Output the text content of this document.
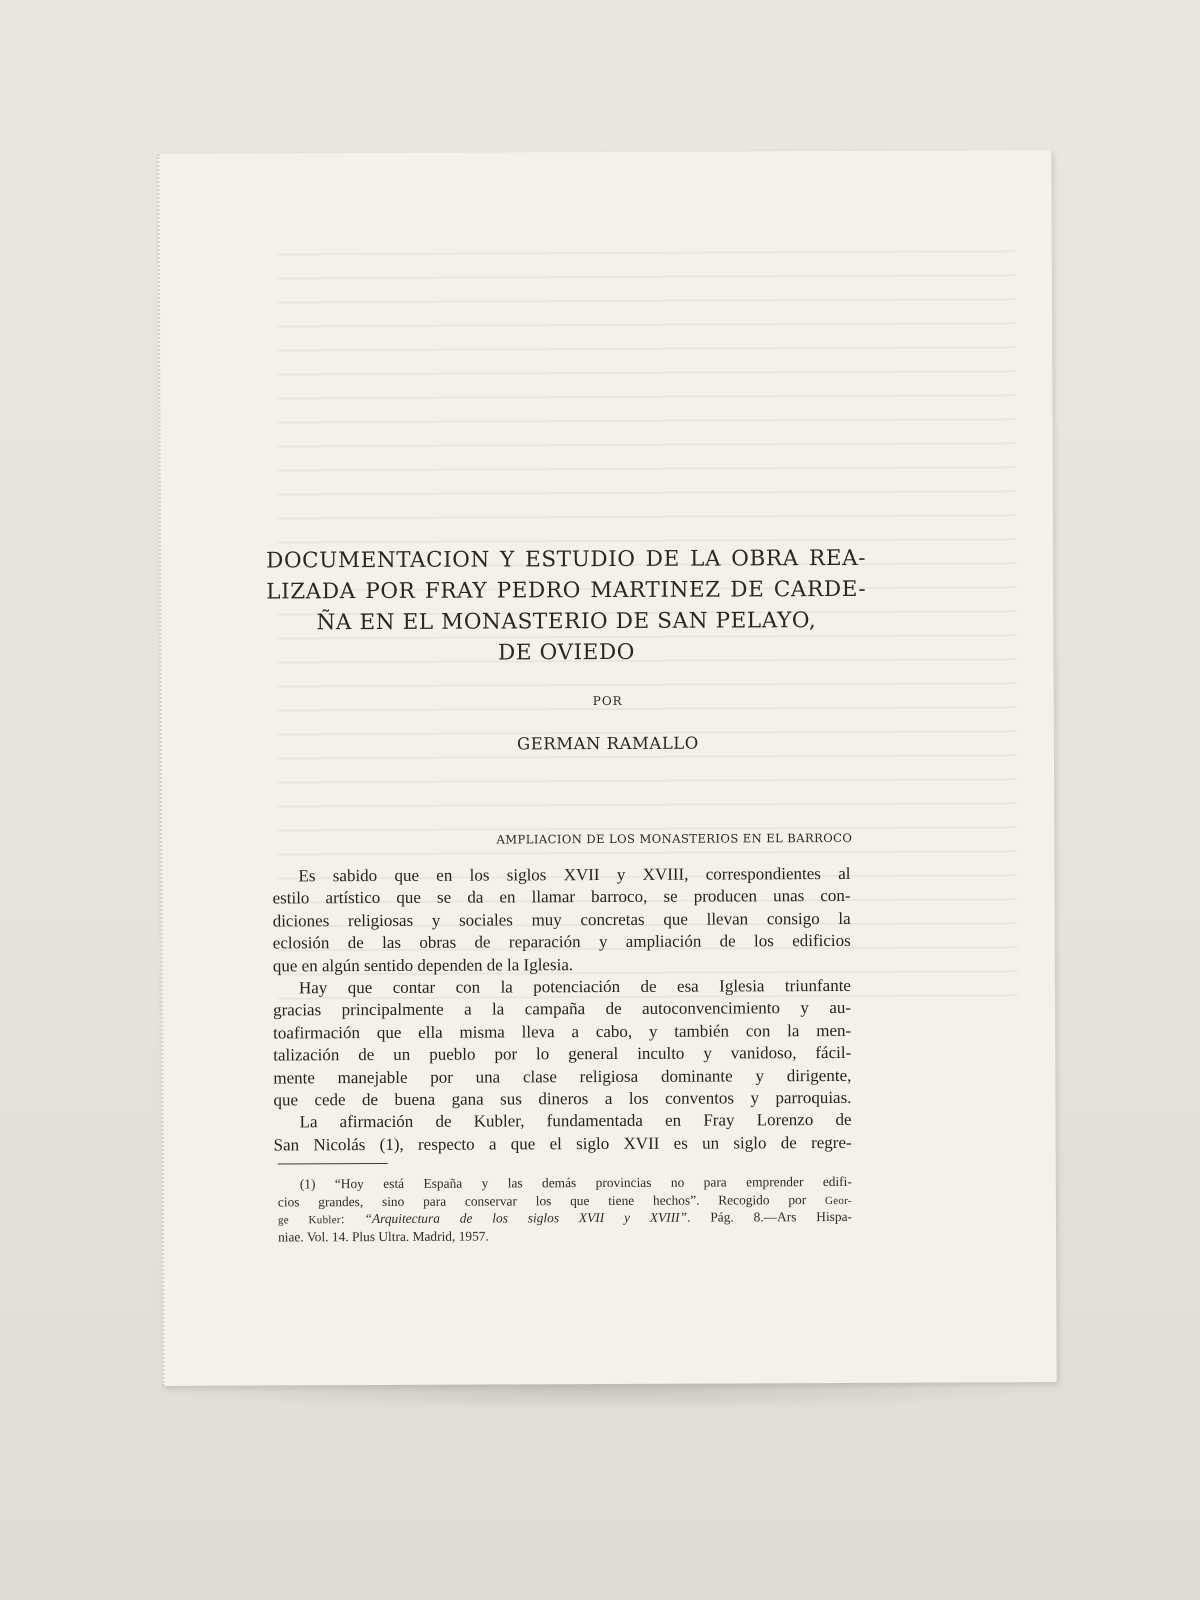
DOCUMENTACION Y ESTUDIO DE LA OBRA REA-
LIZADA POR FRAY PEDRO MARTINEZ DE CARDE-
ÑA EN EL MONASTERIO DE SAN PELAYO,
DE OVIEDO
POR
GERMAN RAMALLO
AMPLIACION DE LOS MONASTERIOS EN EL BARROCO
Es sabido que en los siglos XVII y XVIII, correspondientes al
estilo artístico que se da en llamar barroco, se producen unas con-
diciones religiosas y sociales muy concretas que llevan consigo la
eclosión de las obras de reparación y ampliación de los edificios
que en algún sentido dependen de la Iglesia.
Hay que contar con la potenciación de esa Iglesia triunfante
gracias principalmente a la campaña de autoconvencimiento y au-
toafirmación que ella misma lleva a cabo, y también con la men-
talización de un pueblo por lo general inculto y vanidoso, fácil-
mente manejable por una clase religiosa dominante y dirigente,
que cede de buena gana sus dineros a los conventos y parroquias.
La afirmación de Kubler, fundamentada en Fray Lorenzo de
San Nicolás (1), respecto a que el siglo XVII es un siglo de regre-
(1) “Hoy está España y las demás provincias no para emprender edifi-
cios grandes, sino para conservar los que tiene hechos”. Recogido por Geor-
ge Kubler: “Arquitectura de los siglos XVII y XVIII”. Pág. 8.—Ars Hispa-
niae. Vol. 14. Plus Ultra. Madrid, 1957.
